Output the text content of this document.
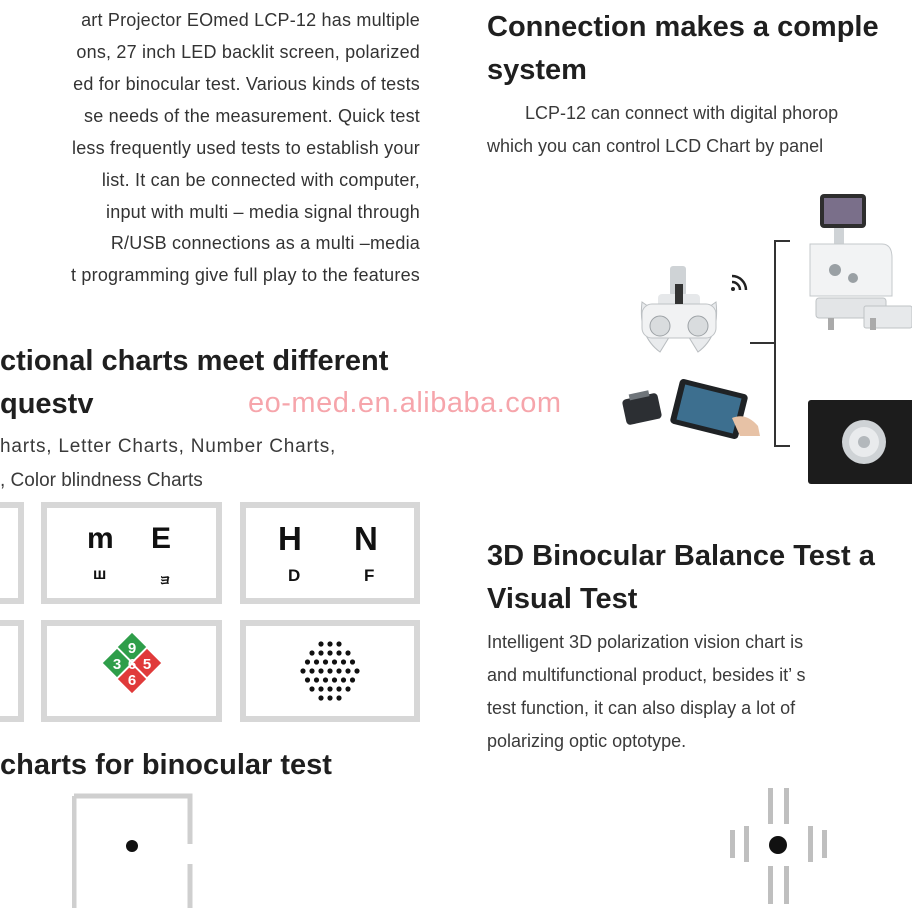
art Projector EOmed LCP-12 has multiple
ons, 27 inch LED backlit screen, polarized
ed for binocular test. Various kinds of tests
se needs of the measurement. Quick test
less frequently used tests to establish your
list. It can be connected with computer,
input with multi – media signal through
R/USB connections as a multi –media
t programming give full play to the features
ctional charts meet different
questv
harts, Letter Charts, Number Charts,
, Color blindness Charts
m E
ш	ョ
H N
D	F
9
3 6 5
6
charts for binocular test
eo-med.en.alibaba.com
Connection makes a comple
system
LCP-12 can connect with digital phorop
which you can control LCD Chart by panel
3D Binocular Balance Test a
Visual Test
Intelligent 3D polarization vision chart is
and multifunctional product, besides it’ s
test function, it can also display a lot of
polarizing optic optotype.
